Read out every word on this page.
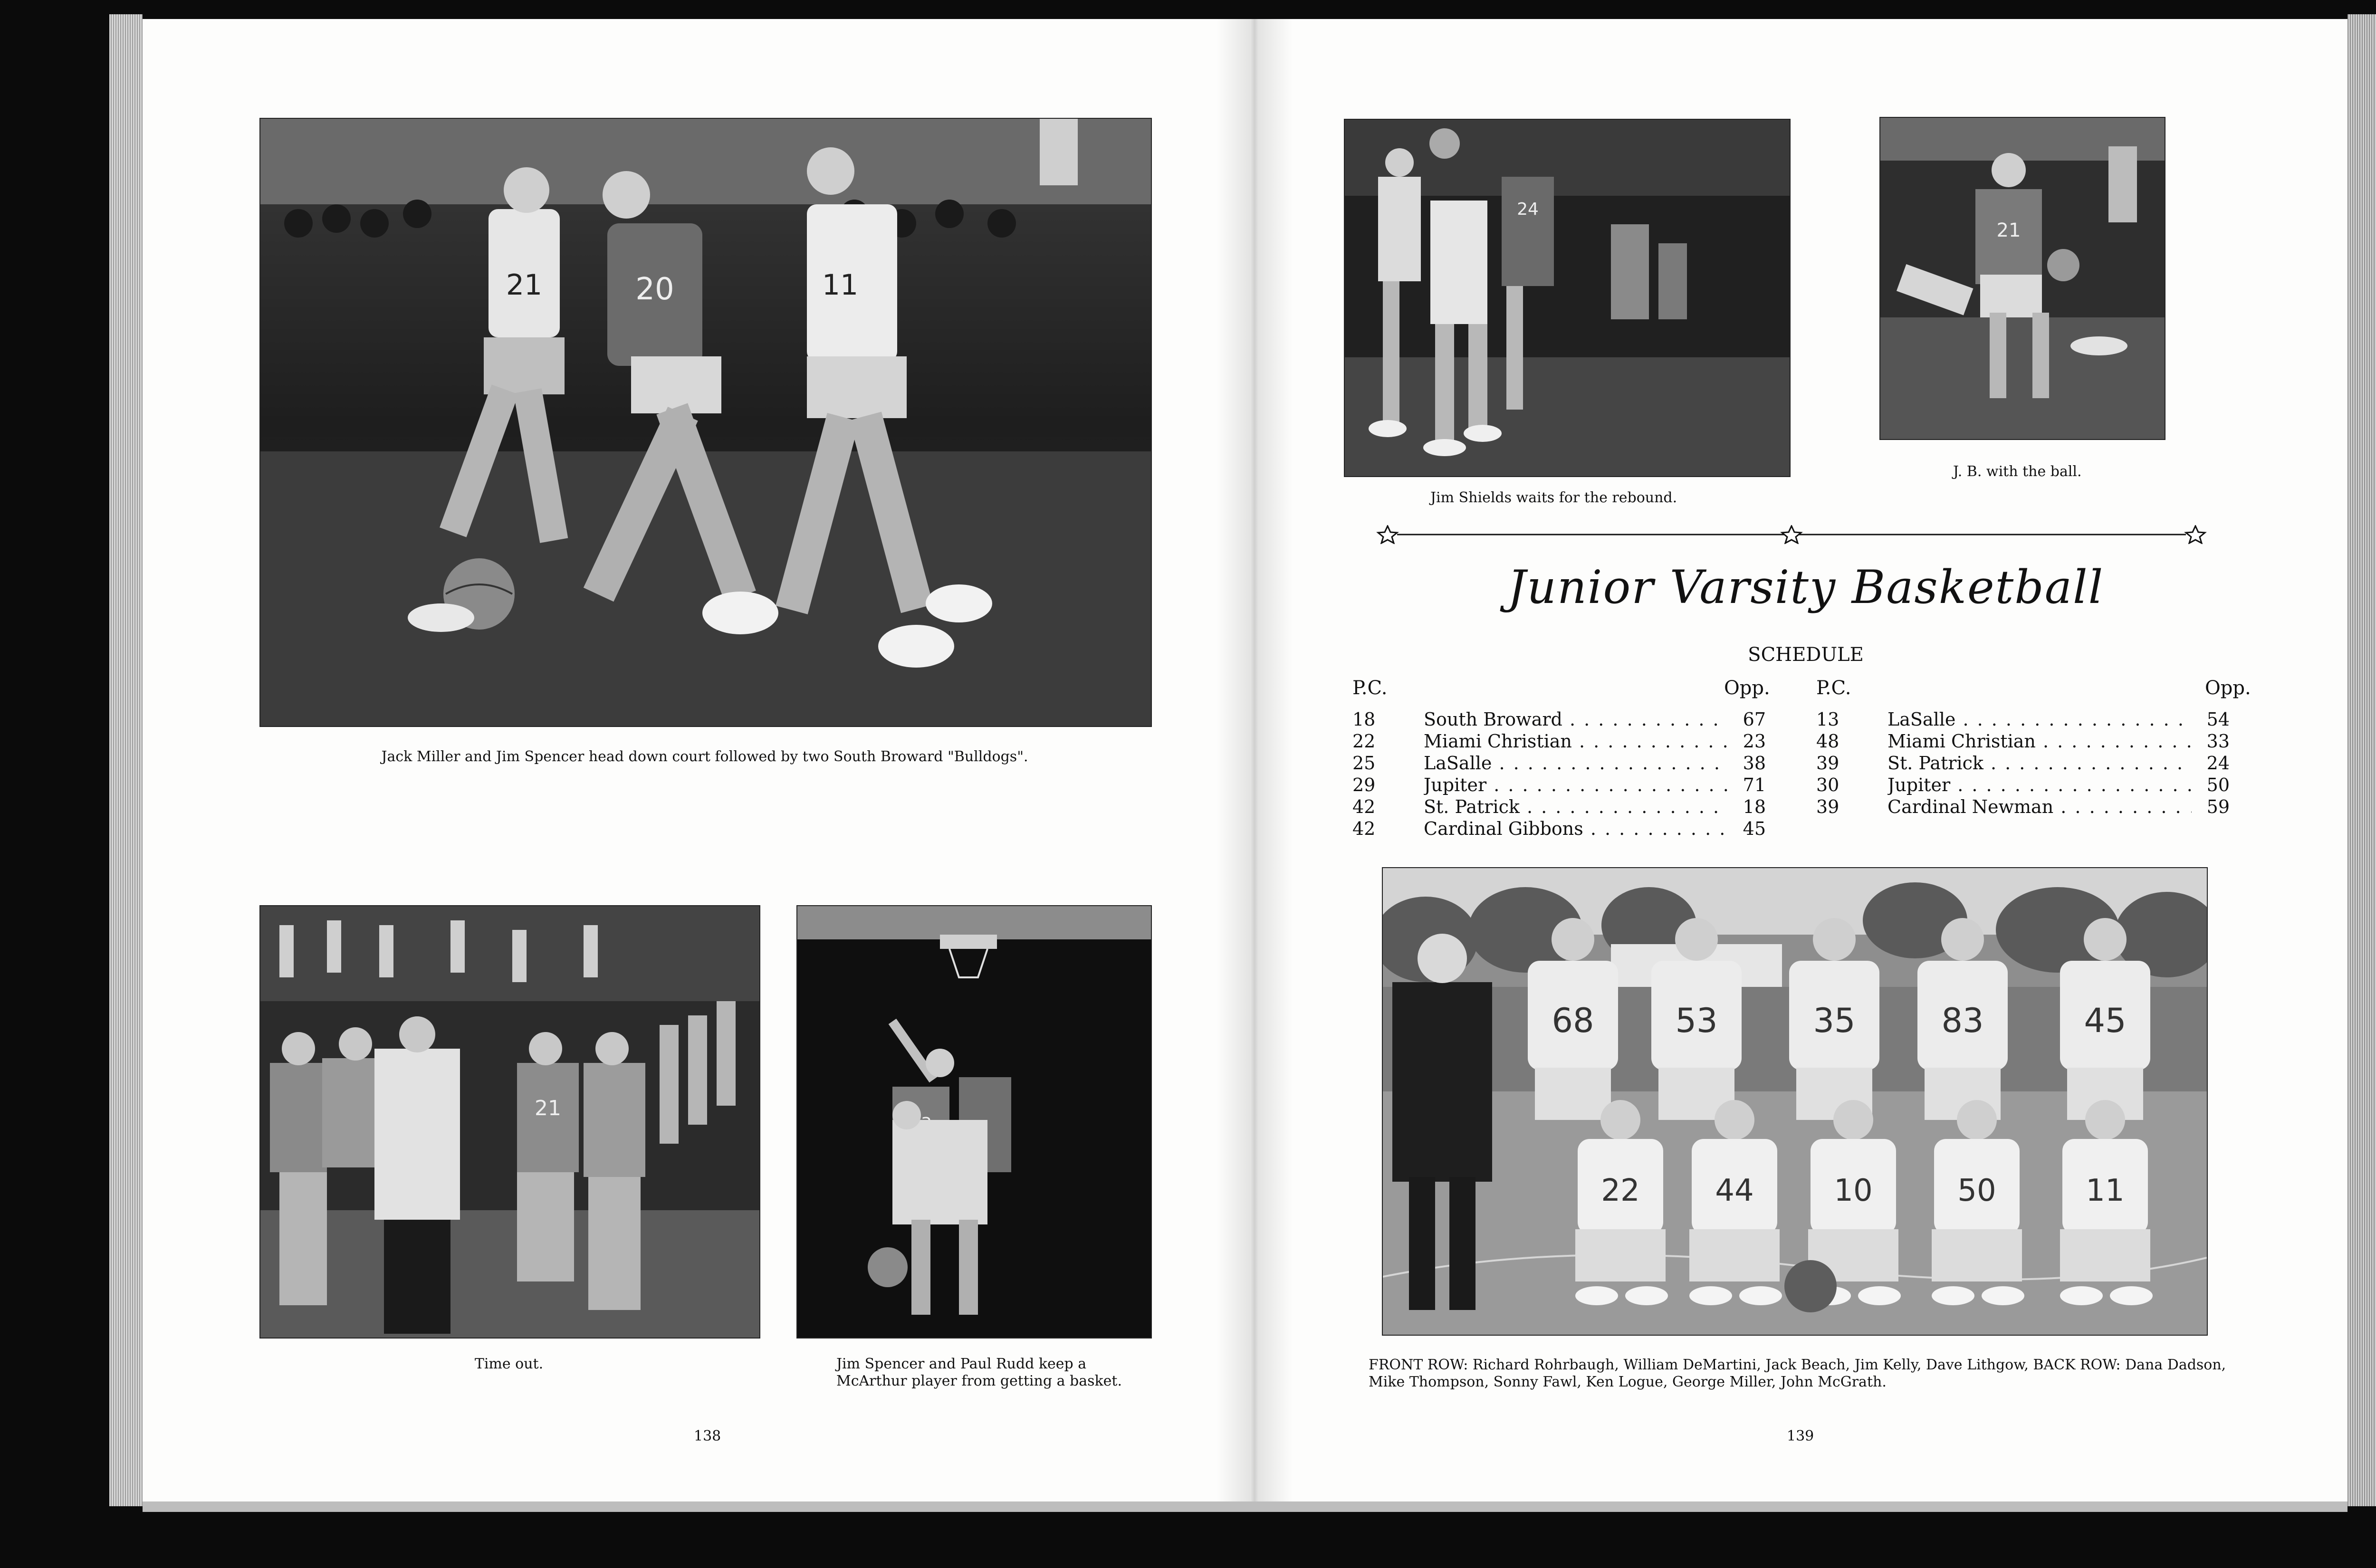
21	20	11
Jack Miller and Jim Spencer head down court followed by two South Broward "Bulldogs".
21
Time out.	Jim Spencer and Paul Rudd keep a McArthur player from getting a basket.
138
24
Jim Shields waits for the rebound.
21
J. B. with the ball.
Junior Varsity Basketball
SCHEDULE
P.C.	Opp. P.C.	Opp.
18	South Broward . . .	67
22	Miami Christian . . .	23
25	LaSalle . . .	38
29	Jupiter . . .	71
42	St. Patrick . . .	18
42	Cardinal Gibbons . . .	45
13	LaSalle . . .	54
48	Miami Christian . . .	33
39	St. Patrick . . .	24
30	Jupiter . . .	50
39	Cardinal Newman . . .	59
68 53	35	83	45
22 44	10	50	11
FRONT ROW: Richard Rohrbaugh, William DeMartini, Jack Beach, Jim Kelly, Dave Lithgow, BACK ROW: Dana Dadson, Mike Thompson, Sonny Fawl, Ken Logue, George Miller, John McGrath.
139
